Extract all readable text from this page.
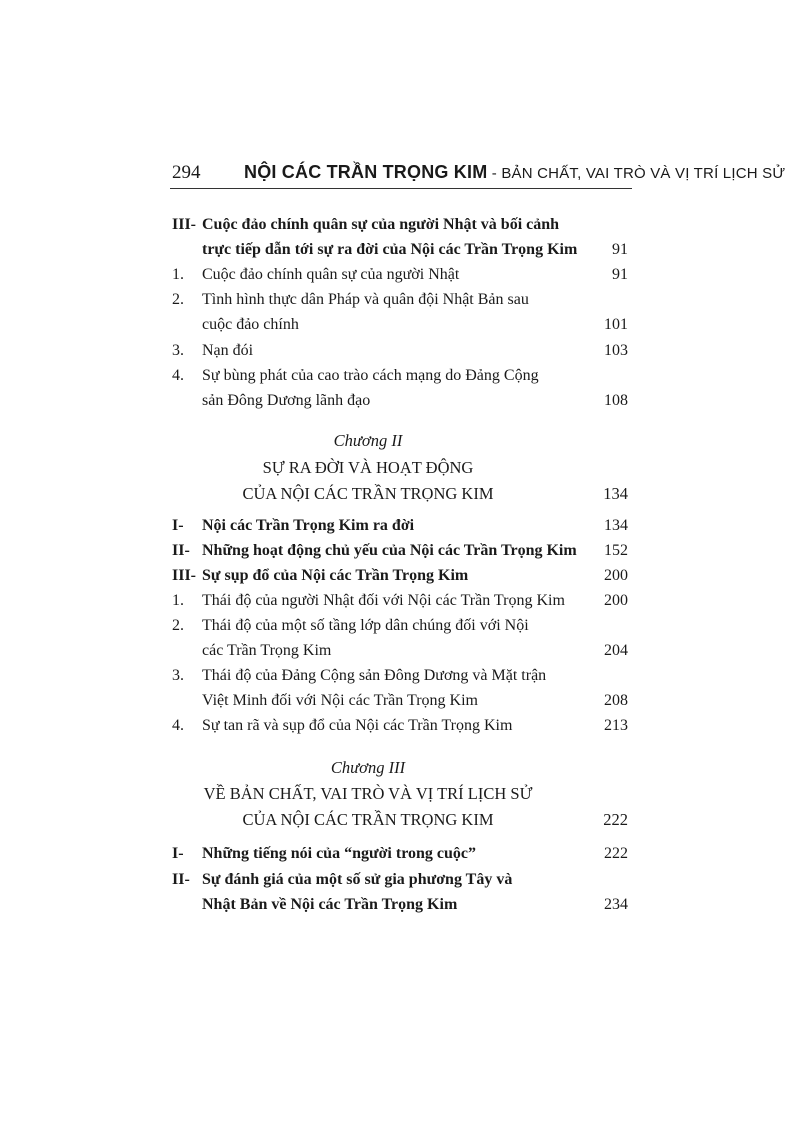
294 NỘI CÁC TRẦN TRỌNG KIM - BẢN CHẤT, VAI TRÒ VÀ VỊ TRÍ LỊCH SỬ
III- Cuộc đảo chính quân sự của người Nhật và bối cảnh
trực tiếp dẫn tới sự ra đời của Nội các Trần Trọng Kim 91
1. Cuộc đảo chính quân sự của người Nhật	91
2. Tình hình thực dân Pháp và quân đội Nhật Bản sau
cuộc đảo chính	101
3. Nạn đói	103
4. Sự bùng phát của cao trào cách mạng do Đảng Cộng
sản Đông Dương lãnh đạo	108
Chương II
SỰ RA ĐỜI VÀ HOẠT ĐỘNG
CỦA NỘI CÁC TRẦN TRỌNG KIM	134
I- Nội các Trần Trọng Kim ra đời	134
II- Những hoạt động chủ yếu của Nội các Trần Trọng Kim 152
III- Sự sụp đổ của Nội các Trần Trọng Kim	200
1. Thái độ của người Nhật đối với Nội các Trần Trọng Kim 200
2. Thái độ của một số tầng lớp dân chúng đối với Nội
các Trần Trọng Kim	204
3. Thái độ của Đảng Cộng sản Đông Dương và Mặt trận
Việt Minh đối với Nội các Trần Trọng Kim	208
4. Sự tan rã và sụp đổ của Nội các Trần Trọng Kim	213
Chương III
VỀ BẢN CHẤT, VAI TRÒ VÀ VỊ TRÍ LỊCH SỬ
CỦA NỘI CÁC TRẦN TRỌNG KIM	222
I- Những tiếng nói của “người trong cuộc”	222
II- Sự đánh giá của một số sử gia phương Tây và
Nhật Bản về Nội các Trần Trọng Kim	234
